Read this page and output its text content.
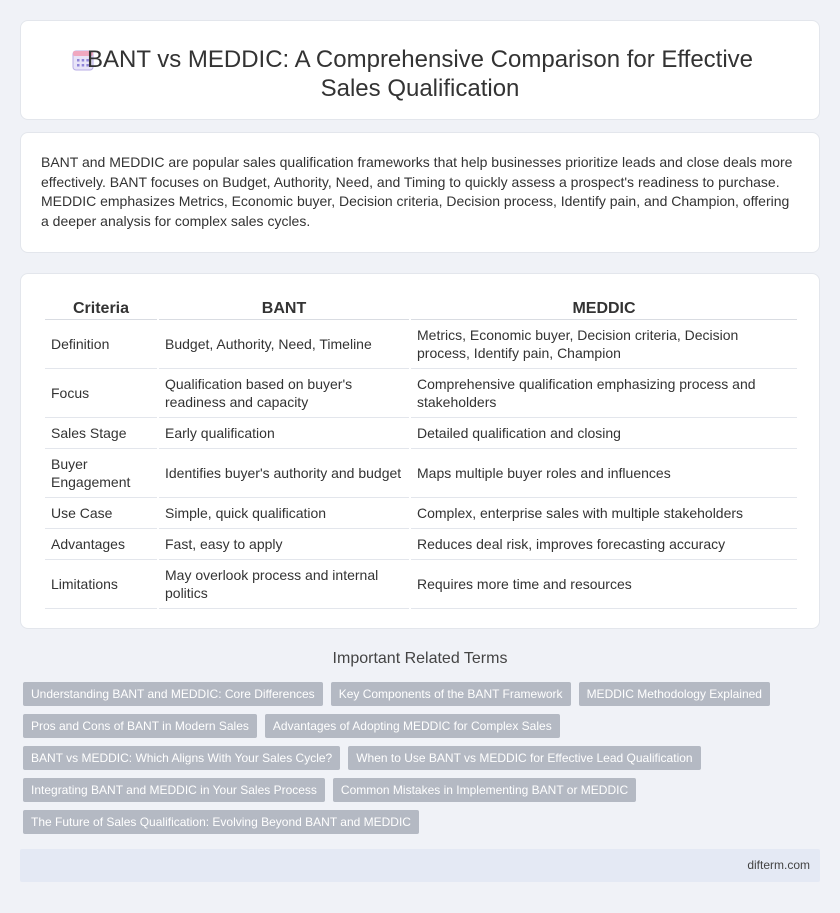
BANT vs MEDDIC: A Comprehensive Comparison for Effective Sales Qualification

BANT and MEDDIC are popular sales qualification frameworks that help businesses prioritize leads and close deals more effectively. BANT focuses on Budget, Authority, Need, and Timing to quickly assess a prospect's readiness to purchase. MEDDIC emphasizes Metrics, Economic buyer, Decision criteria, Decision process, Identify pain, and Champion, offering a deeper analysis for complex sales cycles.

Criteria	BANT	MEDDIC
Definition	Budget, Authority, Need, Timeline	Metrics, Economic buyer, Decision criteria, Decision process, Identify pain, Champion
Focus	Qualification based on buyer's readiness and capacity	Comprehensive qualification emphasizing process and stakeholders
Sales Stage	Early qualification	Detailed qualification and closing
Buyer Engagement	Identifies buyer's authority and budget	Maps multiple buyer roles and influences
Use Case	Simple, quick qualification	Complex, enterprise sales with multiple stakeholders
Advantages	Fast, easy to apply	Reduces deal risk, improves forecasting accuracy
Limitations	May overlook process and internal politics	Requires more time and resources
Important Related Terms
Understanding BANT and MEDDIC: Core Differences	Key Components of the BANT Framework	MEDDIC Methodology Explained
Pros and Cons of BANT in Modern Sales	Advantages of Adopting MEDDIC for Complex Sales
BANT vs MEDDIC: Which Aligns With Your Sales Cycle?	When to Use BANT vs MEDDIC for Effective Lead Qualification
Integrating BANT and MEDDIC in Your Sales Process	Common Mistakes in Implementing BANT or MEDDIC
The Future of Sales Qualification: Evolving Beyond BANT and MEDDIC
difterm.com
